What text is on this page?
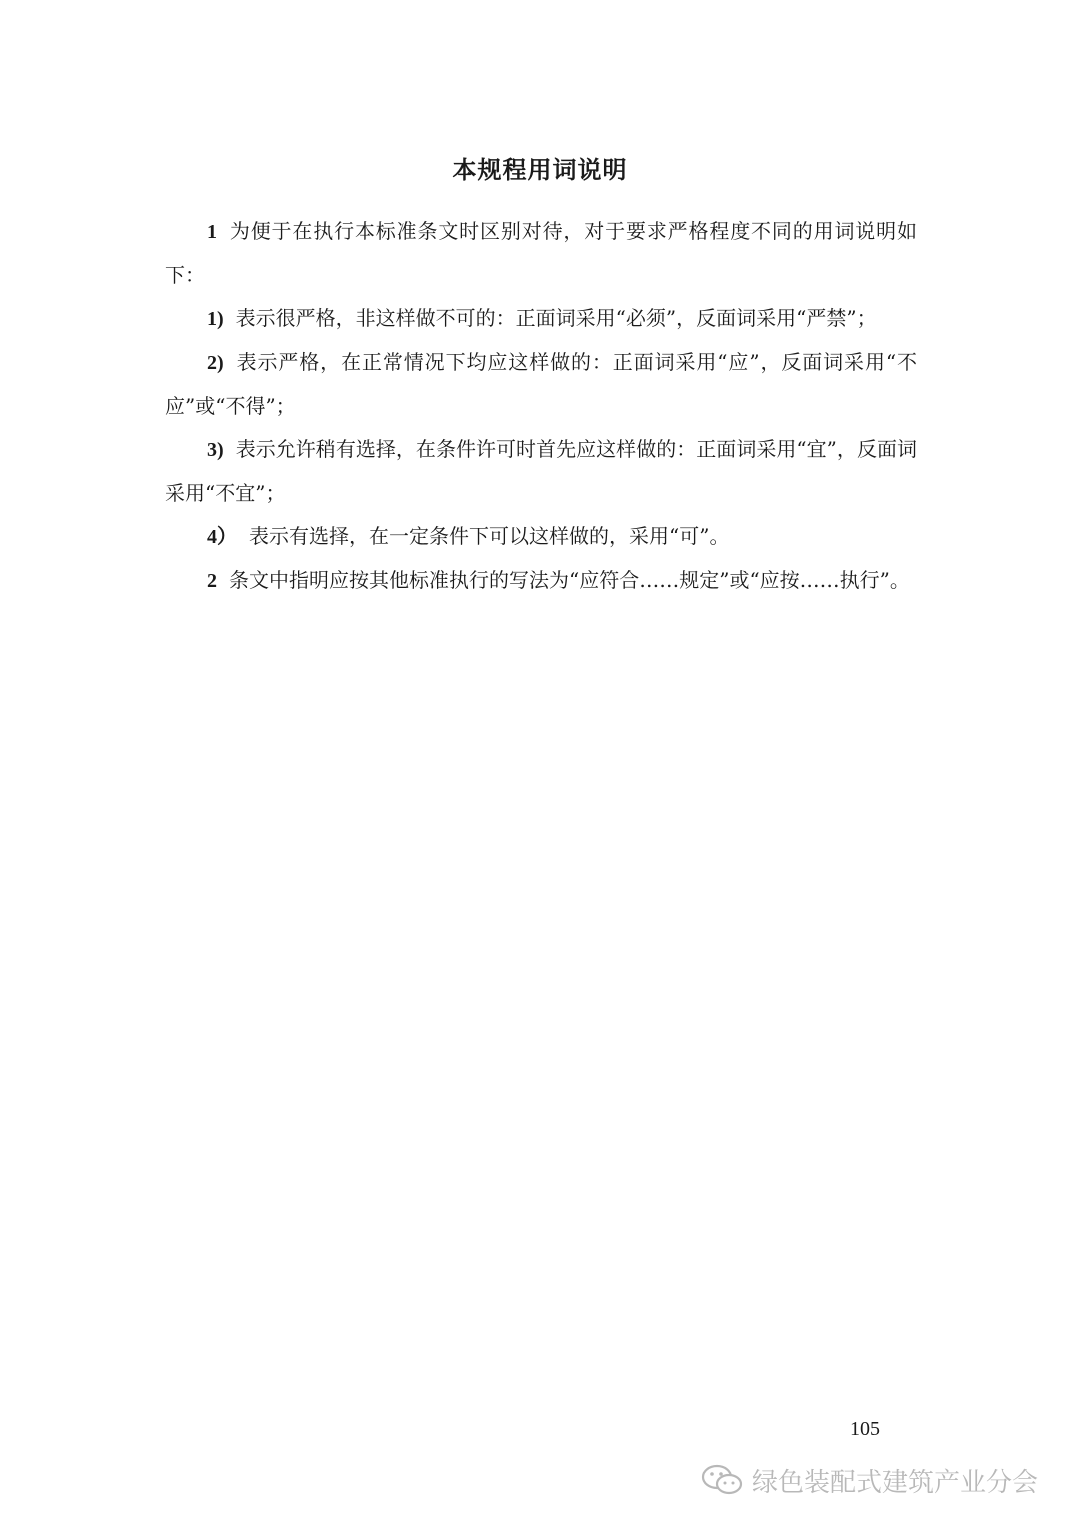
本规程用词说明

1 为便于在执行本标准条文时区别对待，对于要求严格程度不同的用词说明如下：

1) 表示很严格，非这样做不可的：正面词采用“必须”，反面词采用“严禁”；

2) 表示严格，在正常情况下均应这样做的：正面词采用“应”，反面词采用“不应”或“不得”；

3) 表示允许稍有选择，在条件许可时首先应这样做的：正面词采用“宜”，反面词采用“不宜”；

4） 表示有选择，在一定条件下可以这样做的，采用“可”。

2 条文中指明应按其他标准执行的写法为“应符合……规定”或“应按……执行”。

105
绿色装配式建筑产业分会
